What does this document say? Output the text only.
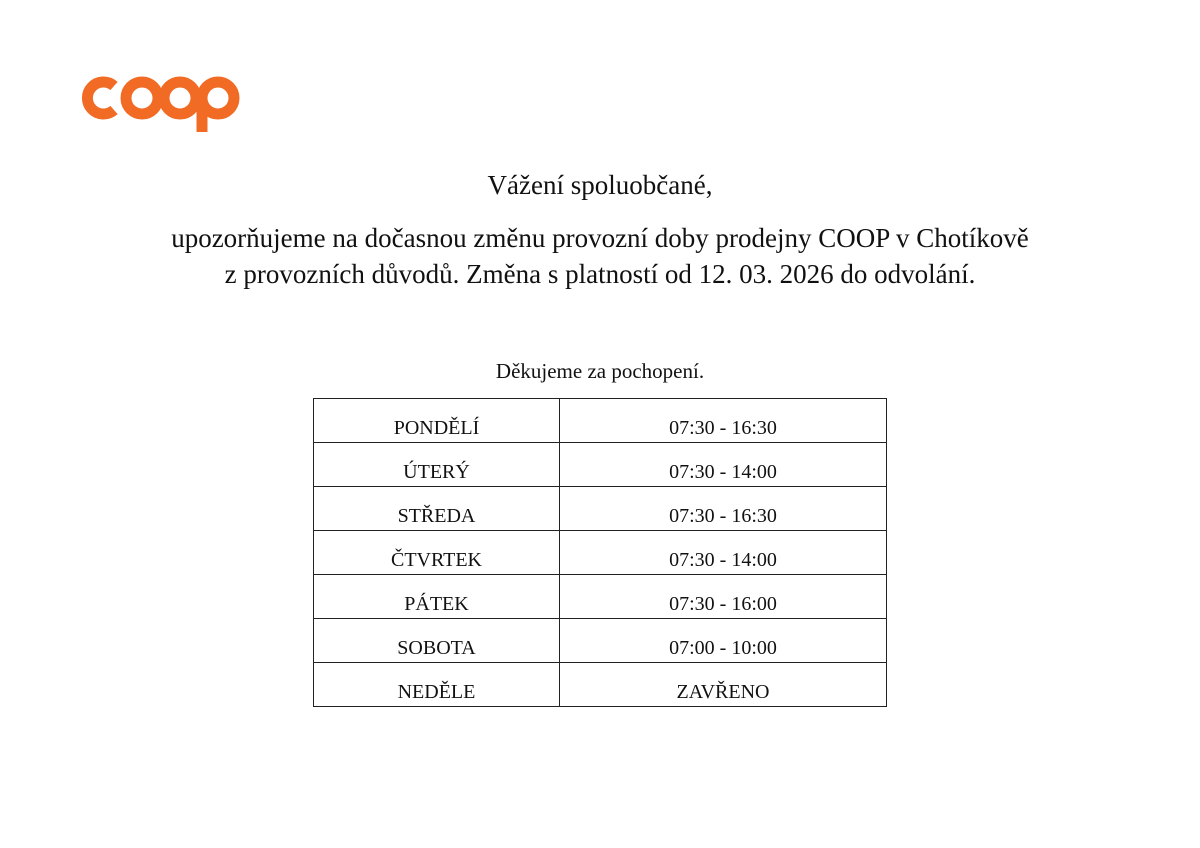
Vážení spoluobčané,
upozorňujeme na dočasnou změnu provozní doby prodejny COOP v Chotíkově
z provozních důvodů. Změna s platností od 12. 03. 2026 do odvolání.
Děkujeme za pochopení.
PONDĚLÍ	07:30 - 16:30
ÚTERÝ	07:30 - 14:00
STŘEDA	07:30 - 16:30
ČTVRTEK	07:30 - 14:00
PÁTEK	07:30 - 16:00
SOBOTA	07:00 - 10:00
NEDĚLE	ZAVŘENO
